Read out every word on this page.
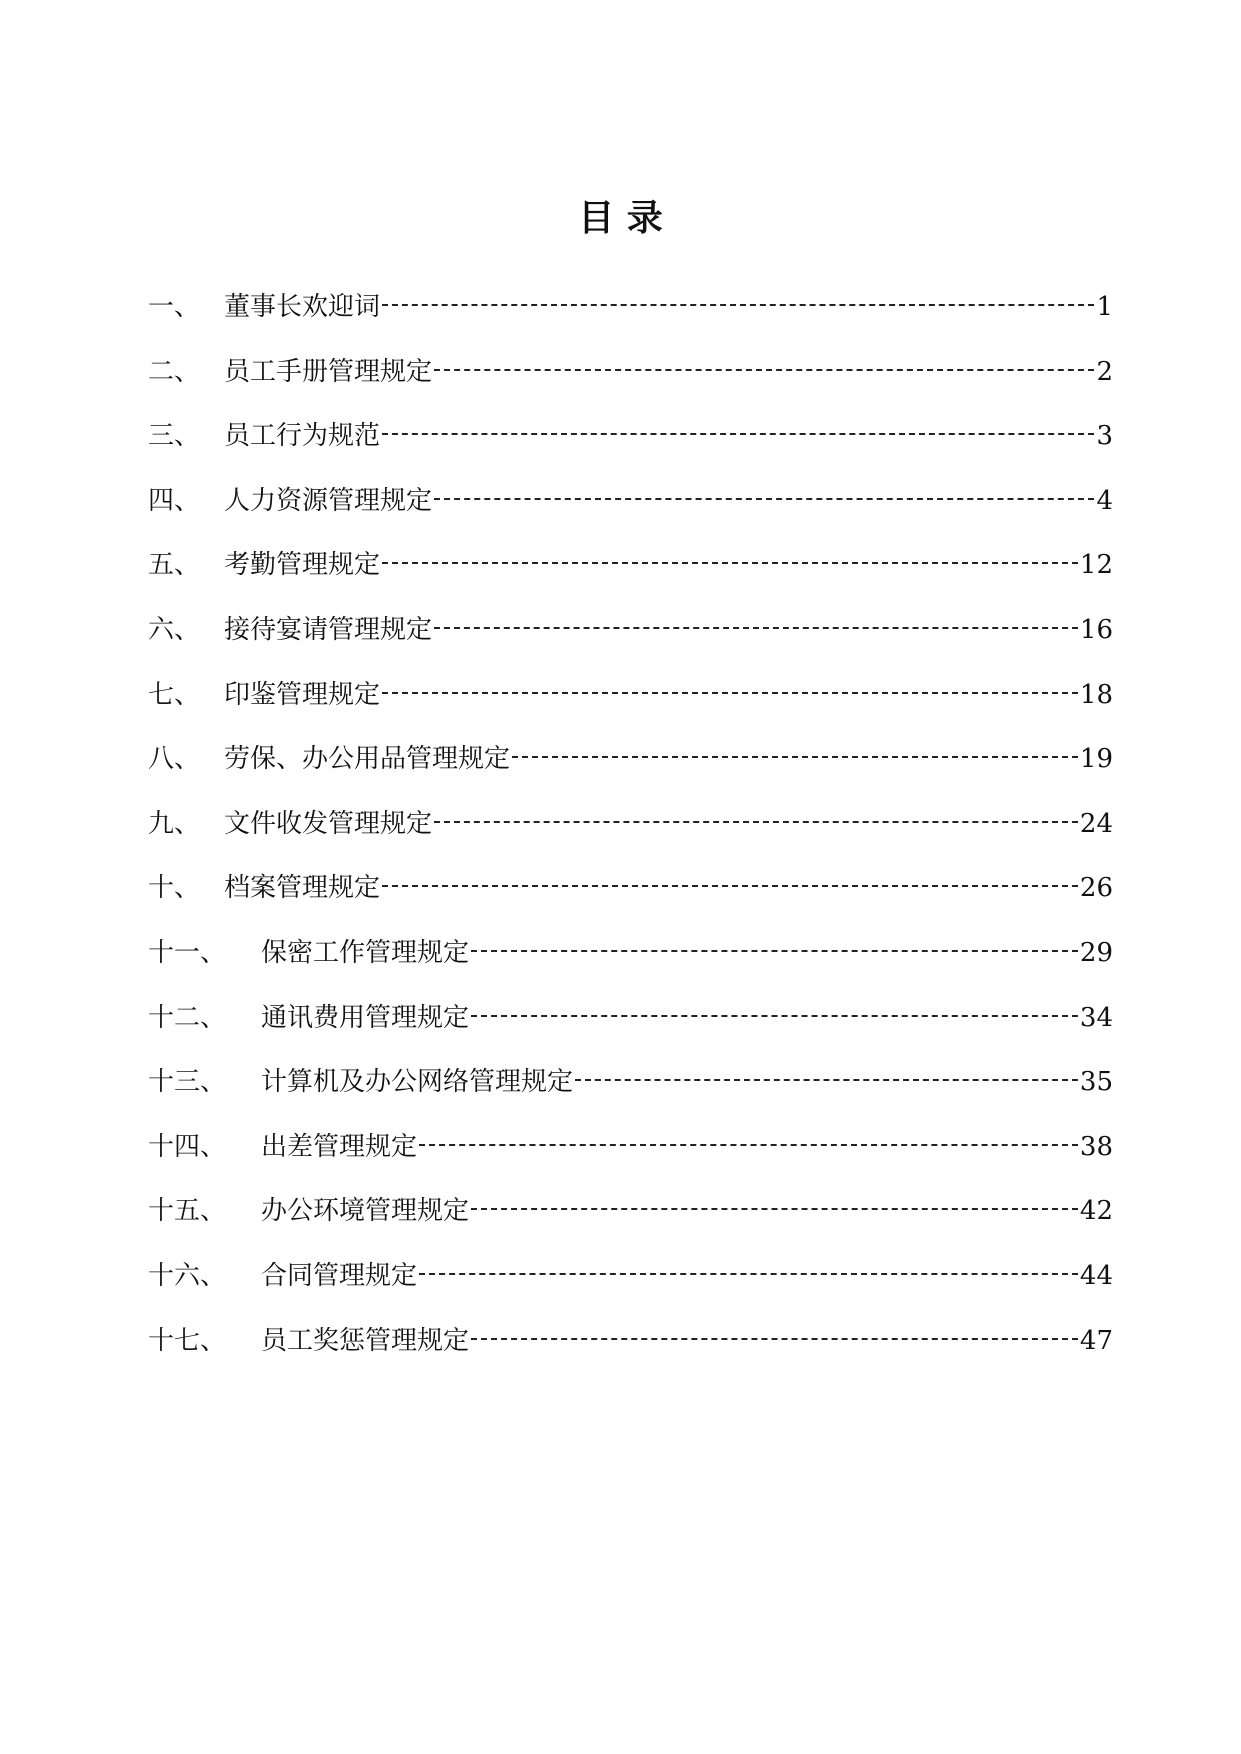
目 录
一、 董事长欢迎词	1
二、 员工手册管理规定	2
三、 员工行为规范	3
四、 人力资源管理规定	4
五、 考勤管理规定	12
六、 接待宴请管理规定	16
七、 印鉴管理规定	18
八、 劳保、办公用品管理规定	19
九、 文件收发管理规定	24
十、 档案管理规定	26
十一、	保密工作管理规定	29
十二、	通讯费用管理规定	34
十三、	计算机及办公网络管理规定	35
十四、	出差管理规定	38
十五、	办公环境管理规定	42
十六、	合同管理规定	44
十七、	员工奖惩管理规定	47
